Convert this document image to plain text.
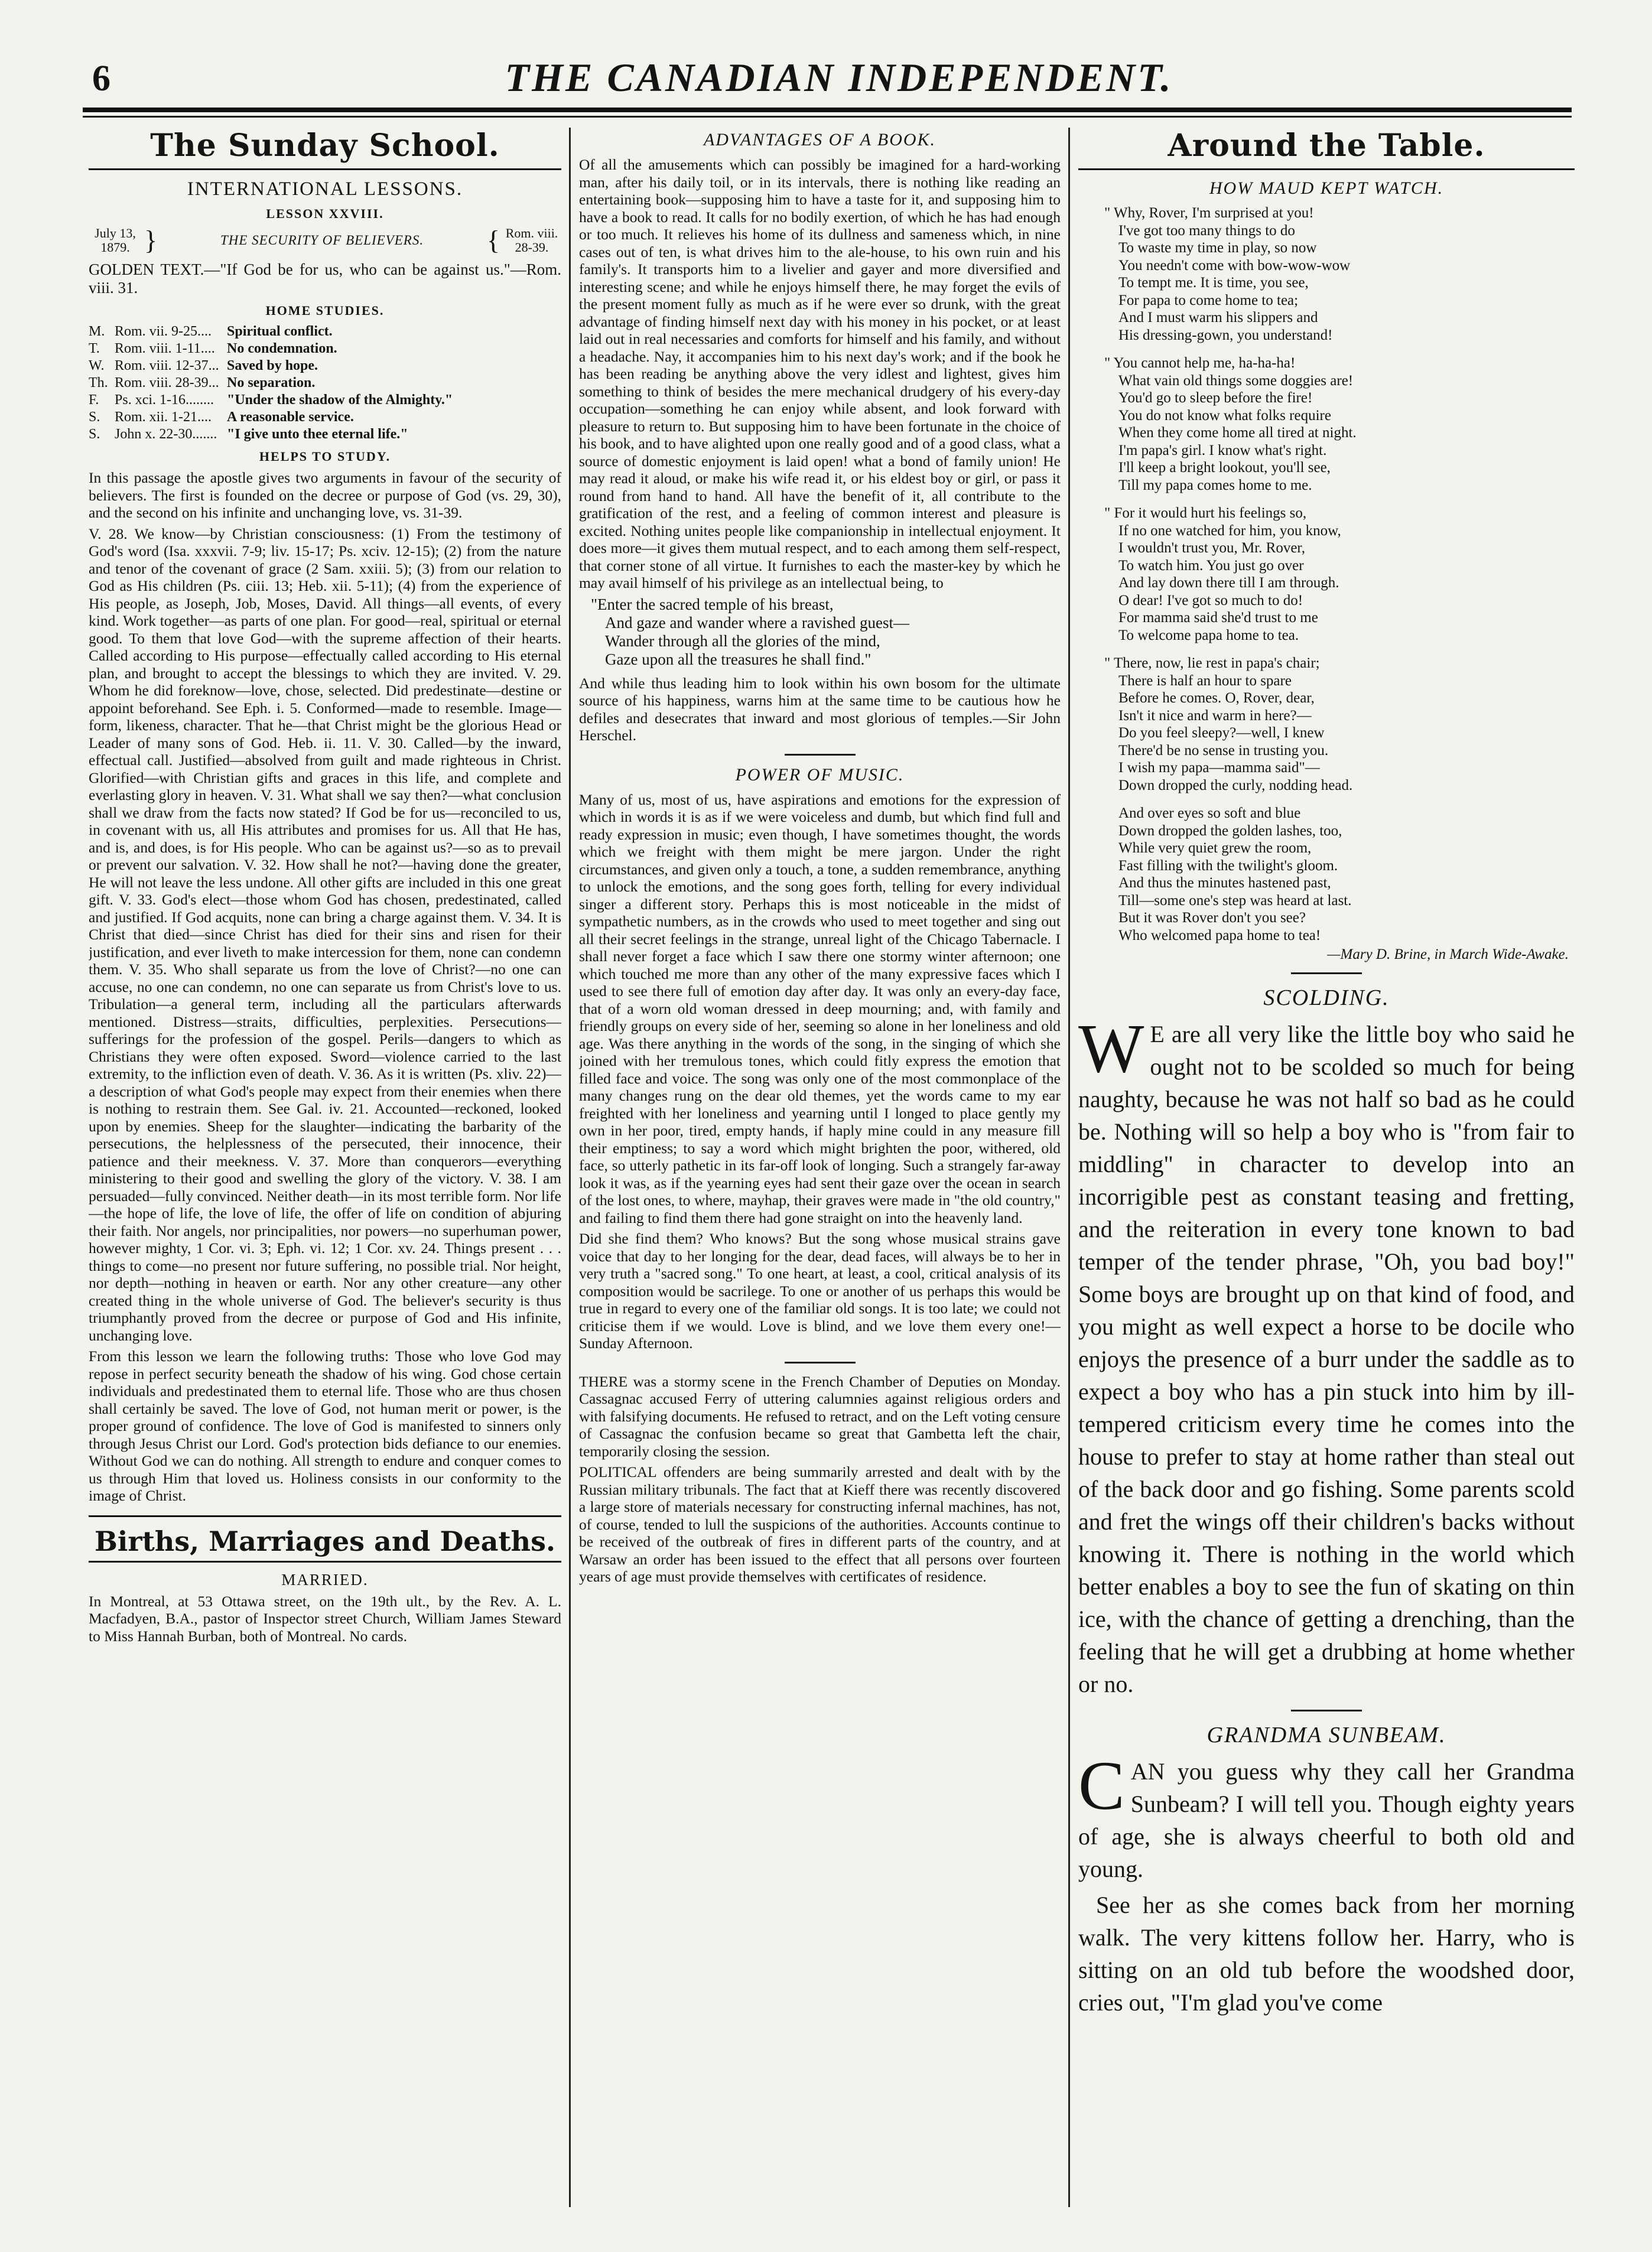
6	THE CANADIAN INDEPENDENT.
The Sunday School.
INTERNATIONAL LESSONS.
LESSON XXVIII.
July 13, 1879. }	THE SECURITY OF BELIEVERS.	{ Rom. viii. 28-39.

GOLDEN TEXT.—"If God be for us, who can be against us."—Rom. viii. 31.

HOME STUDIES.
M. Rom. vii. 9-25....	Spiritual conflict.
T.	Rom. viii. 1-11.... No condemnation.
W. Rom. viii. 12-37... Saved by hope.
Th. Rom. viii. 28-39... No separation.
F.	Ps. xci. 1-16........ "Under the shadow of the Almighty."
S.	Rom. xii. 1-21....	A reasonable service.
S.	John x. 22-30....... "I give unto thee eternal life."
HELPS TO STUDY.

In this passage the apostle gives two arguments in favour of the security of believers. The first is founded on the decree or purpose of God (vs. 29, 30), and the second on his infinite and unchanging love, vs. 31-39.

V. 28. We know—by Christian consciousness: (1) From the testimony of God's word (Isa. xxxvii. 7-9; liv. 15-17; Ps. xciv. 12-15); (2) from the nature and tenor of the covenant of grace (2 Sam. xxiii. 5); (3) from our relation to God as His children (Ps. ciii. 13; Heb. xii. 5-11); (4) from the experience of His people, as Joseph, Job, Moses, David. All things—all events, of every kind. Work together—as parts of one plan. For good—real, spiritual or eternal good. To them that love God—with the supreme affection of their hearts. Called according to His purpose—effectually called according to His eternal plan, and brought to accept the blessings to which they are invited. V. 29. Whom he did foreknow—love, chose, selected. Did predestinate—destine or appoint beforehand. See Eph. i. 5. Conformed—made to resemble. Image—form, likeness, character. That he—that Christ might be the glorious Head or Leader of many sons of God. Heb. ii. 11. V. 30. Called—by the inward, effectual call. Justified—absolved from guilt and made righteous in Christ. Glorified—with Christian gifts and graces in this life, and complete and everlasting glory in heaven. V. 31. What shall we say then?—what conclusion shall we draw from the facts now stated? If God be for us—reconciled to us, in covenant with us, all His attributes and promises for us. All that He has, and is, and does, is for His people. Who can be against us?—so as to prevail or prevent our salvation. V. 32. How shall he not?—having done the greater, He will not leave the less undone. All other gifts are included in this one great gift. V. 33. God's elect—those whom God has chosen, predestinated, called and justified. If God acquits, none can bring a charge against them. V. 34. It is Christ that died—since Christ has died for their sins and risen for their justification, and ever liveth to make intercession for them, none can condemn them. V. 35. Who shall separate us from the love of Christ?—no one can accuse, no one can condemn, no one can separate us from Christ's love to us. Tribulation—a general term, including all the particulars afterwards mentioned. Distress—straits, difficulties, perplexities. Persecutions—sufferings for the profession of the gospel. Perils—dangers to which as Christians they were often exposed. Sword—violence carried to the last extremity, to the infliction even of death. V. 36. As it is written (Ps. xliv. 22)—a description of what God's people may expect from their enemies when there is nothing to restrain them. See Gal. iv. 21. Accounted—reckoned, looked upon by enemies. Sheep for the slaughter—indicating the barbarity of the persecutions, the helplessness of the persecuted, their innocence, their patience and their meekness. V. 37. More than conquerors—everything ministering to their good and swelling the glory of the victory. V. 38. I am persuaded—fully convinced. Neither death—in its most terrible form. Nor life—the hope of life, the love of life, the offer of life on condition of abjuring their faith. Nor angels, nor principalities, nor powers—no superhuman power, however mighty, 1 Cor. vi. 3; Eph. vi. 12; 1 Cor. xv. 24. Things present . . . things to come—no present nor future suffering, no possible trial. Nor height, nor depth—nothing in heaven or earth. Nor any other creature—any other created thing in the whole universe of God. The believer's security is thus triumphantly proved from the decree or purpose of God and His infinite, unchanging love.

From this lesson we learn the following truths: Those who love God may repose in perfect security beneath the shadow of his wing. God chose certain individuals and predestinated them to eternal life. Those who are thus chosen shall certainly be saved. The love of God, not human merit or power, is the proper ground of confidence. The love of God is manifested to sinners only through Jesus Christ our Lord. God's protection bids defiance to our enemies. Without God we can do nothing. All strength to endure and conquer comes to us through Him that loved us. Holiness consists in our conformity to the image of Christ.

Births, Marriages and Deaths.
MARRIED.

In Montreal, at 53 Ottawa street, on the 19th ult., by the Rev. A. L. Macfadyen, B.A., pastor of Inspector street Church, William James Steward to Miss Hannah Burban, both of Montreal. No cards.

ADVANTAGES OF A BOOK.

Of all the amusements which can possibly be imagined for a hard-working man, after his daily toil, or in its intervals, there is nothing like reading an entertaining book—supposing him to have a taste for it, and supposing him to have a book to read. It calls for no bodily exertion, of which he has had enough or too much. It relieves his home of its dullness and sameness which, in nine cases out of ten, is what drives him to the ale-house, to his own ruin and his family's. It transports him to a livelier and gayer and more diversified and interesting scene; and while he enjoys himself there, he may forget the evils of the present moment fully as much as if he were ever so drunk, with the great advantage of finding himself next day with his money in his pocket, or at least laid out in real necessaries and comforts for himself and his family, and without a headache. Nay, it accompanies him to his next day's work; and if the book he has been reading be anything above the very idlest and lightest, gives him something to think of besides the mere mechanical drudgery of his every-day occupation—something he can enjoy while absent, and look forward with pleasure to return to. But supposing him to have been fortunate in the choice of his book, and to have alighted upon one really good and of a good class, what a source of domestic enjoyment is laid open! what a bond of family union! He may read it aloud, or make his wife read it, or his eldest boy or girl, or pass it round from hand to hand. All have the benefit of it, all contribute to the gratification of the rest, and a feeling of common interest and pleasure is excited. Nothing unites people like companionship in intellectual enjoyment. It does more—it gives them mutual respect, and to each among them self-respect, that corner stone of all virtue. It furnishes to each the master-key by which he may avail himself of his privilege as an intellectual being, to

"Enter the sacred temple of his breast,
And gaze and wander where a ravished guest—
Wander through all the glories of the mind,
Gaze upon all the treasures he shall find."

And while thus leading him to look within his own bosom for the ultimate source of his happiness, warns him at the same time to be cautious how he defiles and desecrates that inward and most glorious of temples.—Sir John Herschel.

POWER OF MUSIC.

Many of us, most of us, have aspirations and emotions for the expression of which in words it is as if we were voiceless and dumb, but which find full and ready expression in music; even though, I have sometimes thought, the words which we freight with them might be mere jargon. Under the right circumstances, and given only a touch, a tone, a sudden remembrance, anything to unlock the emotions, and the song goes forth, telling for every individual singer a different story. Perhaps this is most noticeable in the midst of sympathetic numbers, as in the crowds who used to meet together and sing out all their secret feelings in the strange, unreal light of the Chicago Tabernacle. I shall never forget a face which I saw there one stormy winter afternoon; one which touched me more than any other of the many expressive faces which I used to see there full of emotion day after day. It was only an every-day face, that of a worn old woman dressed in deep mourning; and, with family and friendly groups on every side of her, seeming so alone in her loneliness and old age. Was there anything in the words of the song, in the singing of which she joined with her tremulous tones, which could fitly express the emotion that filled face and voice. The song was only one of the most commonplace of the many changes rung on the dear old themes, yet the words came to my ear freighted with her loneliness and yearning until I longed to place gently my own in her poor, tired, empty hands, if haply mine could in any measure fill their emptiness; to say a word which might brighten the poor, withered, old face, so utterly pathetic in its far-off look of longing. Such a strangely far-away look it was, as if the yearning eyes had sent their gaze over the ocean in search of the lost ones, to where, mayhap, their graves were made in "the old country," and failing to find them there had gone straight on into the heavenly land.

Did she find them? Who knows? But the song whose musical strains gave voice that day to her longing for the dear, dead faces, will always be to her in very truth a "sacred song." To one heart, at least, a cool, critical analysis of its composition would be sacrilege. To one or another of us perhaps this would be true in regard to every one of the familiar old songs. It is too late; we could not criticise them if we would. Love is blind, and we love them every one!—Sunday Afternoon.

THERE was a stormy scene in the French Chamber of Deputies on Monday. Cassagnac accused Ferry of uttering calumnies against religious orders and with falsifying documents. He refused to retract, and on the Left voting censure of Cassagnac the confusion became so great that Gambetta left the chair, temporarily closing the session.

POLITICAL offenders are being summarily arrested and dealt with by the Russian military tribunals. The fact that at Kieff there was recently discovered a large store of materials necessary for constructing infernal machines, has not, of course, tended to lull the suspicions of the authorities. Accounts continue to be received of the outbreak of fires in different parts of the country, and at Warsaw an order has been issued to the effect that all persons over fourteen years of age must provide themselves with certificates of residence.

Around the Table.
HOW MAUD KEPT WATCH.
" Why, Rover, I'm surprised at you!
I've got too many things to do
To waste my time in play, so now
You needn't come with bow-wow-wow
To tempt me. It is time, you see,
For papa to come home to tea;
And I must warm his slippers and
His dressing-gown, you understand!
" You cannot help me, ha-ha-ha!
What vain old things some doggies are!
You'd go to sleep before the fire!
You do not know what folks require
When they come home all tired at night.
I'm papa's girl. I know what's right.
I'll keep a bright lookout, you'll see,
Till my papa comes home to me.
" For it would hurt his feelings so,
If no one watched for him, you know,
I wouldn't trust you, Mr. Rover,
To watch him. You just go over
And lay down there till I am through.
O dear! I've got so much to do!
For mamma said she'd trust to me
To welcome papa home to tea.
" There, now, lie rest in papa's chair;
There is half an hour to spare
Before he comes. O, Rover, dear,
Isn't it nice and warm in here?—
Do you feel sleepy?—well, I knew
There'd be no sense in trusting you.
I wish my papa—mamma said"—
Down dropped the curly, nodding head.
And over eyes so soft and blue
Down dropped the golden lashes, too,
While very quiet grew the room,
Fast filling with the twilight's gloom.
And thus the minutes hastened past,
Till—some one's step was heard at last.
But it was Rover don't you see?
Who welcomed papa home to tea!
—Mary D. Brine, in March Wide-Awake.
SCOLDING.

W E are all very like the little boy who said he ought not to be scolded so much for being naughty, because he was not half so bad as he could be. Nothing will so help a boy who is "from fair to middling" in character to develop into an incorrigible pest as constant teasing and fretting, and the reiteration in every tone known to bad temper of the tender phrase, "Oh, you bad boy!" Some boys are brought up on that kind of food, and you might as well expect a horse to be docile who enjoys the presence of a burr under the saddle as to expect a boy who has a pin stuck into him by ill-tempered criticism every time he comes into the house to prefer to stay at home rather than steal out of the back door and go fishing. Some parents scold and fret the wings off their children's backs without knowing it. There is nothing in the world which better enables a boy to see the fun of skating on thin ice, with the chance of getting a drenching, than the feeling that he will get a drubbing at home whether or no.

GRANDMA SUNBEAM.

CAN you guess why they call her Grandma Sunbeam? I will tell you. Though eighty years of age, she is always cheerful to both old and young.

See her as she comes back from her morning walk. The very kittens follow her. Harry, who is sitting on an old tub before the woodshed door, cries out, "I'm glad you've come
